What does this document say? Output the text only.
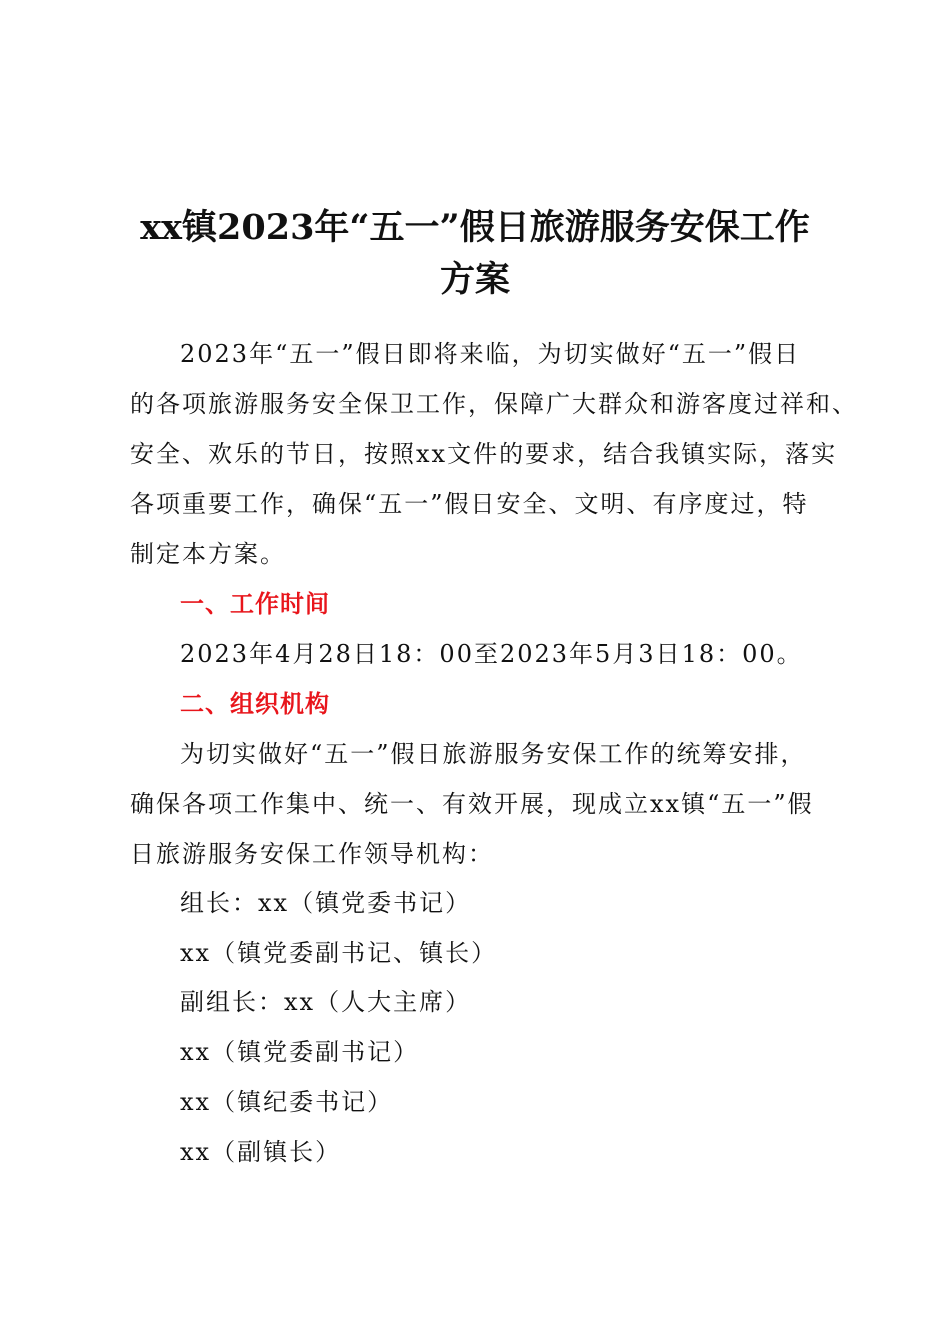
xx镇2023年“五一”假日旅游服务安保工作
方案
2023年“五一”假日即将来临，为切实做好“五一”假日
的各项旅游服务安全保卫工作，保障广大群众和游客度过祥和、
安全、欢乐的节日，按照xx文件的要求，结合我镇实际，落实
各项重要工作，确保“五一”假日安全、文明、有序度过，特
制定本方案。
一、工作时间
2023年4月28日18：00至2023年5月3日18：00。
二、组织机构
为切实做好“五一”假日旅游服务安保工作的统筹安排，
确保各项工作集中、统一、有效开展，现成立xx镇“五一”假
日旅游服务安保工作领导机构：
组长：xx（镇党委书记）
xx（镇党委副书记、镇长）
副组长：xx（人大主席）
xx（镇党委副书记）
xx（镇纪委书记）
xx（副镇长）
